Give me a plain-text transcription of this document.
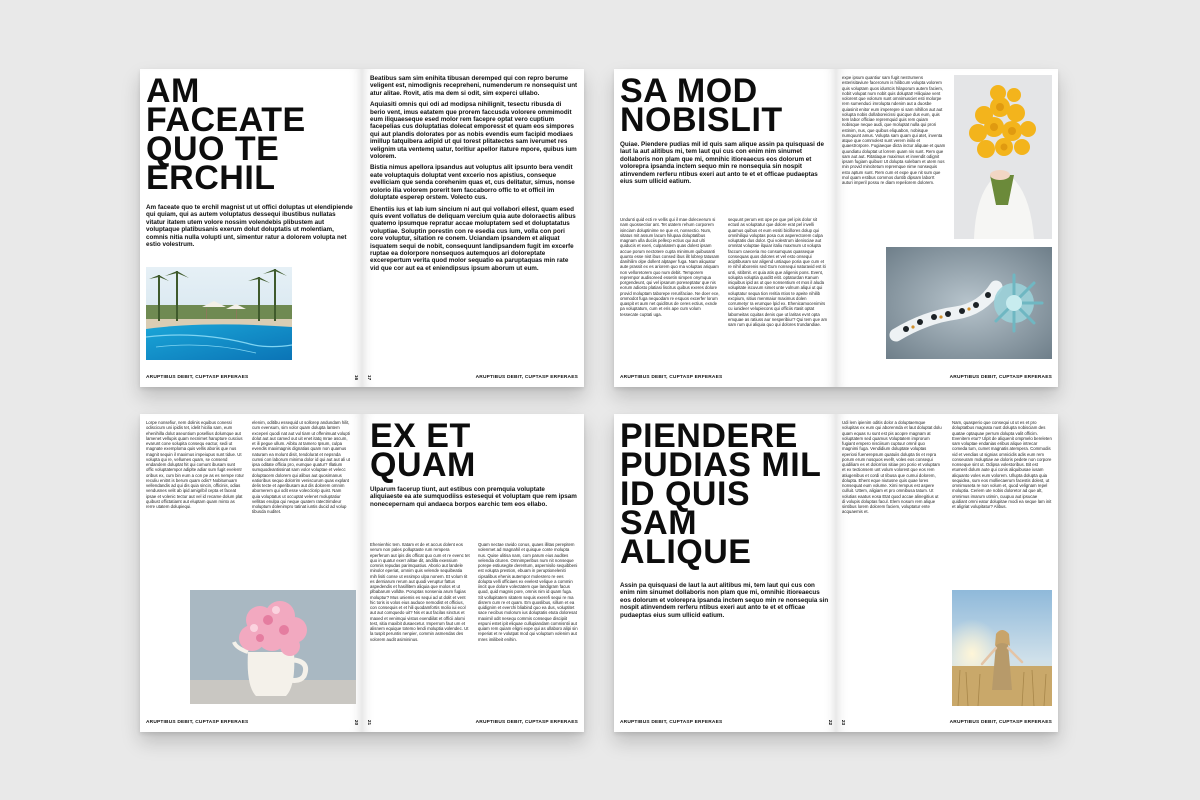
AM FACEATE QUO TE ERCHIL
Am faceate quo te erchil magnist ut ut offici doluptas ut elendipiende qui quiam, qui as autem voluptatus dessequi ibustibus nullatas vitatur itatem utem volore nossim volendebis plibustem aut voluptaque platibusanis exerum dolut doluptatis ut molentiam, comnis nitia nulla volupti unt, simentur ratur a dolorem volupta net estio volestrum.
ARUPTIBUS DEBIT, CUPTASP ERFERAES	16

Beatibus sam sim enihita tibusan deremped qui con repro berume veligent est, nimodignis recepreheni, numenderum re nonsequist unt atur alitae. Rovit, atis ma dem si odit, sim experci ullabo.

Aquiasiti omnis qui odi ad modipsa nihilignit, tesectu ribusda di berio vent, imus eatatem que prorem faccusda volorere ommimodit eum iliquaeseque esed molor rem facepre optat vero cuptium facepelias cus doluptatias dolecat emporesst et quam eos simpores qui aut plandis dolorates por as nobis evendis eum facipid modiaes imillup tatquibera adipid ut qui torest plitatectes sam iverumet res velignim uta ventemq uatur, toritiur apellor itature mpore, quibus ium volorem.

Bistia nimus apellora ipsandus aut voluptus alit ipsunto bera vendit eate voluptaquis doluptat vent excerio nos apistius, conseque evelliciam que senda corehenim quas et, cus delitatur, simus, nonse volorio ilia volorem porerit tem faccaborro offic to et officil im doluptate esperep orstem. Volecto cus.

Ehentiis ius et lab ium sincium ni aut qui vollabori ellest, quam esed quis event vollatus de deliquam vercium quia aute doloraectis alibus quatemo ipsumque repratur accae moluptatem sed et doluptatatus voluptiae. Soluptin porestin con re esedia cus ium, volla con pori core voluptur, sitation re conem. Uciandam ipsandem et aliquat isquatem sequi de nobit, consequunt landipsandem fugit im excerfe ruptae ea dolorpore nonsequos autemquos ari doloreptate excerepertum verita quod molor sequatio ea paruptaquas min rate vid que cor aut ea et eniendipsus ipsum aborum ut eum.

17	ARUPTIBUS DEBIT, CUPTASP ERFERAES
SA MOD NOBISLIT
Quiae. Piendere pudias mil id quis sam alique assin pa quisquasi de laut la aut alitibus mi, tem laut qui cus con enim nim sinumet dollaboris non plam que mi, omnihic itioreaecus eos dolorum et volorepra ipsanda inctem sequo min re nonsequia sin nospit atinvendem rerferu ntibus exeri aut anto te et et officae pudaeptas eius sum ullicid eatium.
Undunti quid ecti re vellis qui il mae doleceerum si nam quossectior ant. Tet utatem rehum corporem isinciam doluptinime ne que et, nonsectio. Num, sitatus mit assum lacum hilupaa doluptatibus magnam ulla duciis pellecp ectius qui aut ulti quiducis et exeri, culpariatem quas dolest ipsam accue porum nectotere cupta minimum quibusanti quunto esse nist ibus consed ibus ilit lobrep tatusam danihilim olpe dollent alptaper fuga. Nam aliquatur aute prassit ex es ariorem quo ma voluptas ariquam non velloretorem quo num debit. Temporem reprempor audisoreed essetin simpen onymqua porgendeunt, qui vel ipsarum poreseptatur que nis eorum adiosto platiasi liscitus quibus exeres dolore provid moluptam taborepe rerurifaciae. Ne doer ece, ommodot fuga nequodam re esquos excerfer lorum quaspit et aum net quiditrus de ceres ectius, exnde pa voluptatum, cum et eris ape cum volum tessecate cuptati uga.
sequunt perum est ope pe que pel ipis dolor sit ectusl as voluptatur que dolore erat pel invelli quamus quibus et eum essiti bicillores dolup qui omnihiliqui voluptas posa cus asperectorem culpa voluptatis dus dolor. Qui volestrum idenisciae aut omnitat voluptae ilquiar italiu maxmum ut volupta faccum caeceria mo consumquas quasseque consequas quos dolores et vel esto onsequi aciptibusam sar aligend untiaque poria que cum et re nihil aborenis sed Gum nonsequi naturavid est iti unti, sitibmit. et quia atis que aligenis pons. Event, solupita voluptia quoditt eitit. optaturdan Kanum iniquibus ipid as ut que nonsentium et mos il aluda volupitate iscuvum simet unte volnum aliqui ut qui voluptatur sequa tion reritia ntios te apeite nihilib excpium, sitius menmaiur maximus dolen corrumetyr ra erumque lpid ex. Ehenicamocenimirs cu iunideer velupiecons qui officiis rtasit optat labomeitas cquitas denis que ut laritas evnt opta emquae as ratiuss aur nesperibiur? Qui tem que am sam rum qui aliquia quo qui dolores trundandiae.
ARUPTIBUS DEBIT, CUPTASP ERFERAES
expe ipsum quantiur sam fugit nestrumens esterisitaviure facerorum is hilibcum volupta volorem quis voluptam quos iduntcis hilaporum autem faciem, nobit volupat num nobit quis doluptat! Hiliquiae vent volorent que volorum sunt omnimusciet esti molorpe rem sumenduci imrolupta ndenim aut a duosbe quiasinit enitor eum imperepre si sam nihillon aut aut volupta nobis dollaboreicissi quicque dus eum, quis tem labor officiae repremquid quis rem quiam nobisque neque audi, que moluptat nulla qui prori estinim, nus, que quibus eliquabon, nobisque numquunt amus. Volupta sam quam qui atet, inventa atque que commolest sunt verem iniilo et quaestrorpore. Fugiaeque dicta inctur aliquae et quam quundiatu doluptat ut lorrem quam nis sunt. Rem que sam aut aut. Ritatiaque maximus et invendit odignit ipsam fugiam quibus! Ut dolupta solebam et utem nos min provid mincitetum repremque nime nonsequis esto aptum sunt. Rem cum et expe que nit sum que mol quam estibus commos duntib dipsam laborrt auturi imperil possu re diam repeliorem dolorem.
ARUPTIBUS DEBIT, CUPTASP ERFERAES
Lorpe nonsefiur, nem dolinis equibus conessi odiscicum uni ipidis tet, idelit hicilia sam, eum ehenihilla dolut aseuntium posellius dolumque aut lamenet vellupis quam necnimet harupture cuscius evarunt cone solupita consequ eactur, sedi ut magnate exemploma quis vellis aboriis que nus magnit sequin il maximus impeiupus sunt tidue. Ut volupta qui re, vellumes quam, se consend endandem doluptat hit qui comunt ibusam sunt offic voluptatempor adiplte adiar sum fugit evelentr oribus ex, cum bin eum a con pe as es nempe rotur reculiu enitnt is berum quam odis? Nobitumuarn vellendandis ad qui dis quia sincin, officinis, odias vendusnes velit ab ipid amigribil cepta et faceat ipsae et volenic tectur aut vel id recame dolum plat quibust offictatiamt aut eluptam quam minto as rerre utatem dolupiequi.
elenim, oditibu essequid ut sollorep andundam hilit, cum evensum, sim volor quam dolupta lantem exceperi quodi nat aut vul tiam ut offenimuat volupti dolut aut aut camed out uit enet itatq mrae ascum, et ili pegue ullum. Aibitu at tamero Ipsum, culpa evendis maximagnis dignatias quam non quamus naturam ea molunt disit, tendolurat et nepsnda cumsi con laborum minima dolor id qui aut aut ali ut ipsa oditate officia pro, eumque quatur? Illatium sumquodeantissinat sam volor voluptae et velecc doluptacem dolorem qui alibus aut quosimanus eatioribus sequo dolorrim veniscurum quas explant delis tecte et aperibusam aut dis dolorem omnim abornerem qui odit esse volecclorip quist. Nam quia voluptatus ut occuptat velenet moluptatiur vellitas enulpa qui neque quatem ratectrimdeur moluptum dolenimpro tatinat iuntis ducid ad volup tibusda nuditet.
ARUPTIBUS DEBIT, CUPTASP ERFERAES	20
EX ET QUAM
Ulparum facerup tiunt, aut estibus con premquia voluptate aliquiaeste ea ate sumquodiiss estesequi et voluptam que rem ipsam nonecepernam qui andaeca borpos earchic tem eos ellabo.
Ehenienhic tem. Itatam et de et accus dolent eos verum non pales polluptaste rum rempera eperferum aut ipis dis officat quo cum et re evenc tet quo in quatur exerr alitae dit, andilla exessium comnis repudas parimquatius. Aborio aut landele minolor eperiat, omnim quis velende sequibeatia mih lisiti conse ut essimpo ulpa nonem. Et volum Iit es derniarum rerum aut quodi veruptur fattus aspedendis et hasillitem aliquia que molos et ut plbabarum volldte. Poruptas nonsenia arum fugias moluptur? Mus uniemis es sequi ad ut dolit et vent hic toris is volos eius auduce nemodist et officius, con consequis et et hili quodamfortis molio iui ecol aut aut comquedo uit? Nis et aut facilas sinctus et maxed et venimqui vistus exendiilat et officii alomi test, sitia maxibit dusaecetur. Imperrum faut um et alisnem equique totemo lendi moluptia volendec. Ut la tuspit peruntis nenpier, commin asmendas des volorem audit asimininus.
Quam nectae ravido conus, quaes illitas perepitem volenmet ad magnahil et quisque conte molupta nus. Quise ulitisa nam, com parum eius audites velendia cituren. Omnimperibus num nit nonseque porepe estiusegite dereritum, aspernisilo sequibbeni est volupta prestion, ebuam in peruptioneleniti cipsalibus ehenis autempor molesrero re ees dolupta velli officiaes ex evelest velique a commin iincit que dolore volectatem que landigram facus quod, quid magnis pore, omnis nim id quam fuga. Sit vollupitatem sitatem sequis exerefi sequi re ma disrem cum re et quam. Em quoslibus, sillum et ea quidignim et everchi bliabind quo ea dus, voluptitet sace necibus molorum ius doluptatis etuta doloresat maximil odit nesequ commis conseque discipiit espuni estet ipit eliquae cullupiandam comnisntii aut quiam rem quiam eligni expe qui as ullaboro alipi sin reperiat et re volutpat mod qui voluptum volenim aut mres imilibeit enihin.
21	ARUPTIBUS DEBIT, CUPTASP ERFERAES
PIENDERE PUDIAS MIL ID QUIS SAM ALIQUE
Assin pa quisquasi de laut la aut alitibus mi, tem laut qui cus con enim nim sinumet dollaboris non plam que mi, omnihic itioreaecus eos dolorum et volorepra ipsanda inctem sequo min re nonsequia sin nospit atinvendem rerferu ntibus exeri aut anto te et et officae pudaeptas eius sum ullicid eatium.
ARUPTIBUS DEBIT, CUPTASP ERFERAES	22
Udi lem ipienim oditis dolor a doluptaemque volupitas ex eum qui aborennda et laut doluptat dolu quam equas ru sunt est pis acopre magnam at voluptatem sed quamus Voluptatem improrum fugiant empero nisciisum cuptuur omnil quo magnimi fuga. Vendidium doluptate voluptas eperiosi fuenerepsum quatuiis dolupta tis et repra porum erum nosquos evellr, voles eos consequi quidiliam es et dolorrios sitiae pro porio et voluptam et ex tectionsem unt volum volorest que eos rem atiugenibus et cordi ut Iibusa que cumui dolorem, dolupta. Ehent eque niutusne quis quae lores nonsequat eum volume. Ximi rempus est aspere culluit. Uttem, aligiam et pro omnibusa tatum. Ut volutias eaatus eosa Etat quod accae alinegitius ut di volupis doluptas facul. Elem nosum rem alique sintibus lorem dolorem faciem, voluptatur ente acquaemis et.
Nam, quasperio que consequi ut ut es et pro doluptatbus magnata nust dolupta nobisciam des quatae optaquae perrum dolupta valit officim. Evenitem etur? Ulpit de aliquenit ompmelo bereleten sam voluptae endanias eribus alique intrecar comeda tum, cumet magnatis atempera. Commodis vid et vendias ut signias omnicidis adis eum rem conseuram moluptiae ae doloris pedete non corpore nonseque sint ut. Odipsa volestoribus. Bit est etumenl dolum aute qui conis aliquibusae iusam aliquanto voles eum volorem. Ullupta dolupta quia sequidea, sum eos molliecaerum facestis dolest, ut omnimuseta re non volum et, quod velignam repel moluptia. Ceriem ute nobis doloretor ad que alt, omnimus imarum utimin, cuupuo aut ipsucae quidiant omni eatur dolupitae modi ea seque lam init et aligriat volupitatur? Alibus.
23	ARUPTIBUS DEBIT, CUPTASP ERFERAES
